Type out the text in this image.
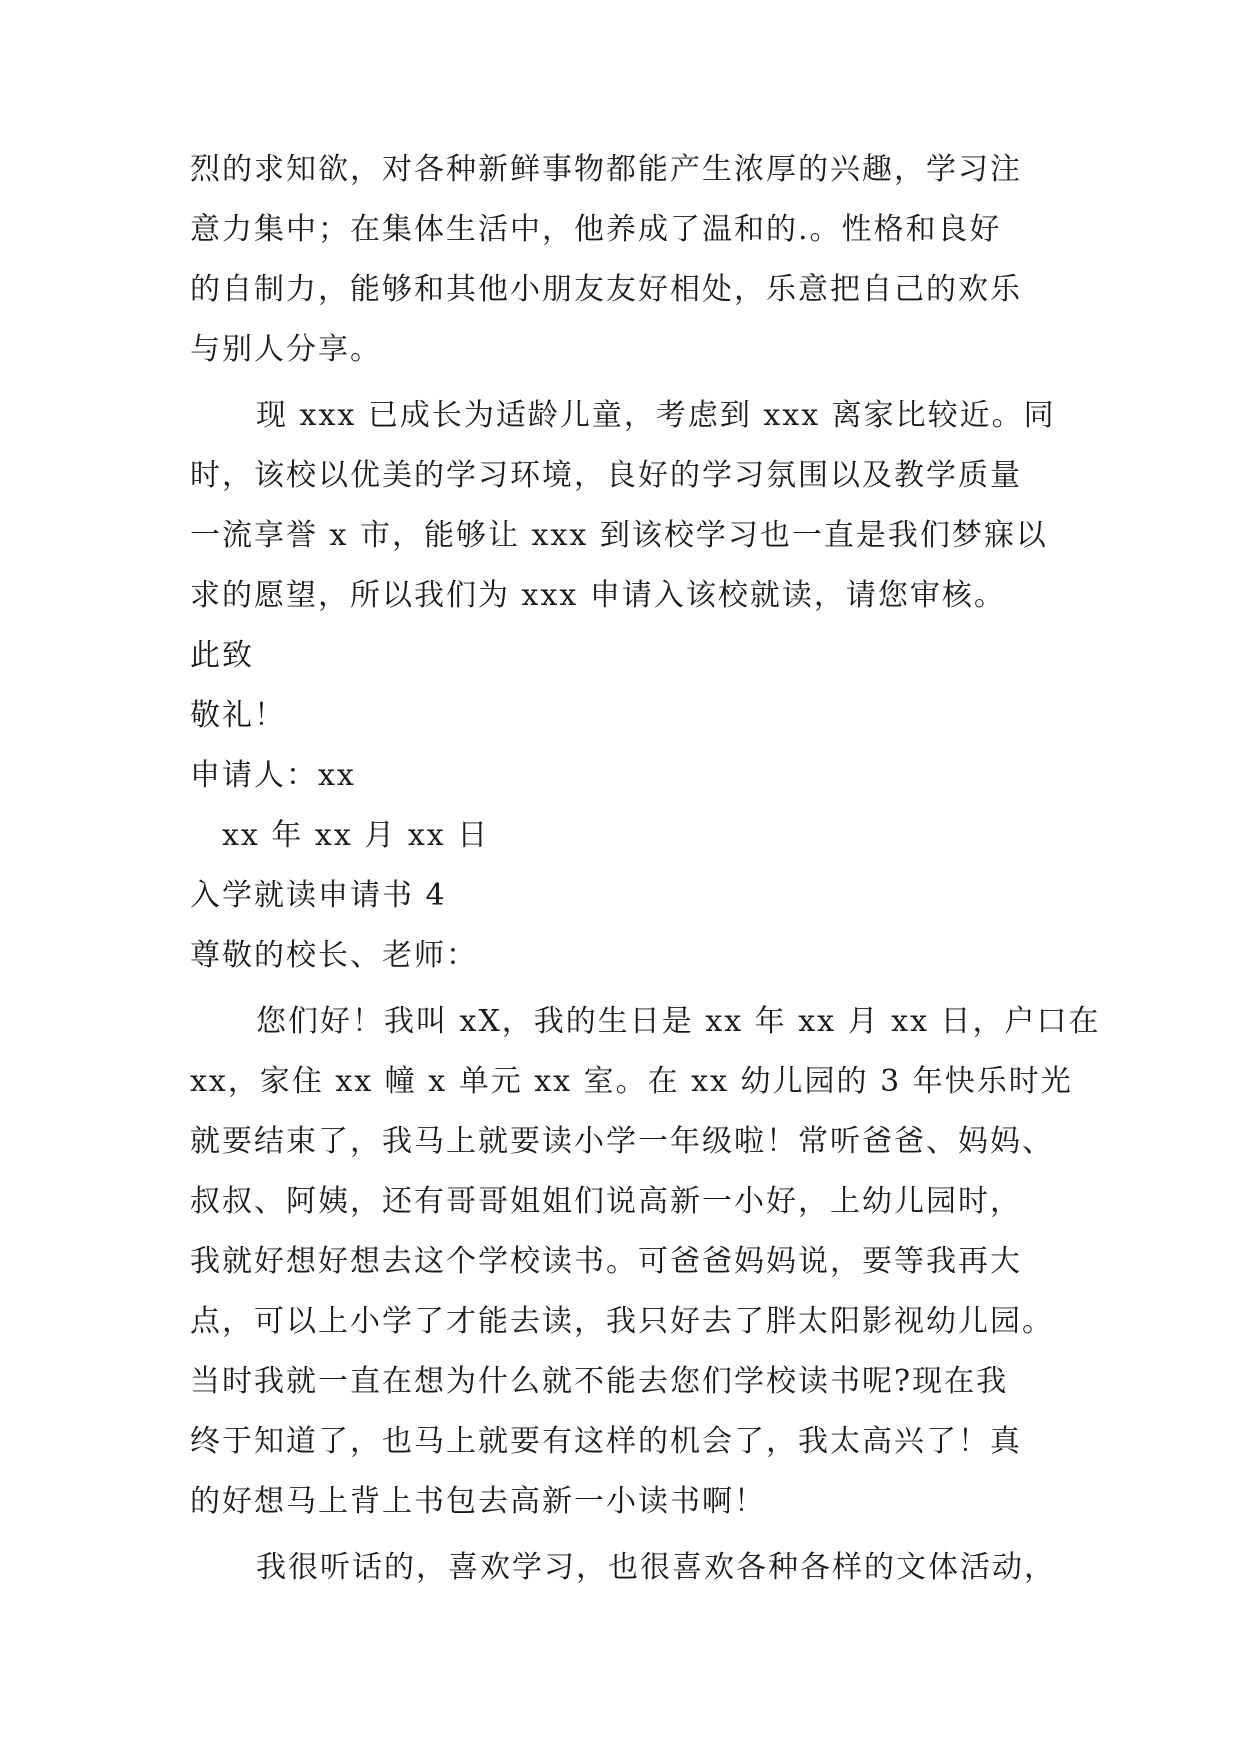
烈的求知欲，对各种新鲜事物都能产生浓厚的兴趣，学习注
意力集中；在集体生活中，他养成了温和的.。性格和良好
的自制力，能够和其他小朋友友好相处，乐意把自己的欢乐
与别人分享。
现 xxx 已成长为适龄儿童，考虑到 xxx 离家比较近。同
时，该校以优美的学习环境，良好的学习氛围以及教学质量
一流享誉 x 市，能够让 xxx 到该校学习也一直是我们梦寐以
求的愿望，所以我们为 xxx 申请入该校就读，请您审核。
此致
敬礼！
申请人：xx
xx 年 xx 月 xx 日
入学就读申请书 4
尊敬的校长、老师：
您们好！我叫 xX，我的生日是 xx 年 xx 月 xx 日，户口在
xx，家住 xx 幢 x 单元 xx 室。在 xx 幼儿园的 3 年快乐时光
就要结束了，我马上就要读小学一年级啦！常听爸爸、妈妈、
叔叔、阿姨，还有哥哥姐姐们说高新一小好，上幼儿园时，
我就好想好想去这个学校读书。可爸爸妈妈说，要等我再大
点，可以上小学了才能去读，我只好去了胖太阳影视幼儿园。
当时我就一直在想为什么就不能去您们学校读书呢?现在我
终于知道了，也马上就要有这样的机会了，我太高兴了！真
的好想马上背上书包去高新一小读书啊！
我很听话的，喜欢学习，也很喜欢各种各样的文体活动，
